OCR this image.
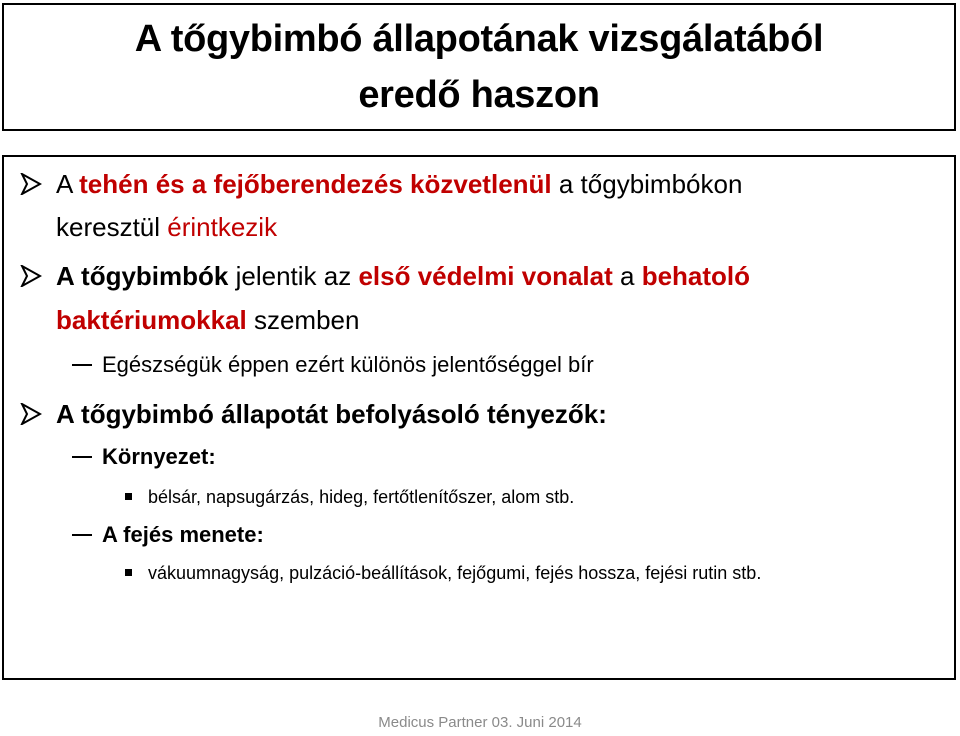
A tőgybimbó állapotának vizsgálatából
eredő haszon
A tehén és a fejőberendezés közvetlenül a tőgybimbókon
keresztül érintkezik
A tőgybimbók jelentik az első védelmi vonalat a behatoló
baktériumokkal szemben
Egészségük éppen ezért különös jelentőséggel bír
A tőgybimbó állapotát befolyásoló tényezők:
Környezet:
bélsár, napsugárzás, hideg, fertőtlenítőszer, alom stb.
A fejés menete:
vákuumnagyság, pulzáció-beállítások, fejőgumi, fejés hossza, fejési rutin stb.
Medicus Partner 03. Juni 2014
